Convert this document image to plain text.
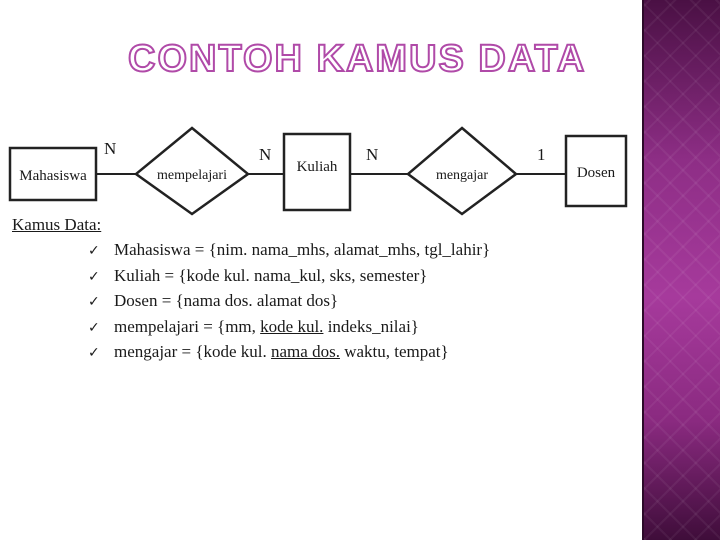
CONTOH KAMUS DATA
Mahasiswa	mempelajari
Kuliah
mengajar	Dosen
N	N	N	1
Kamus Data:
✓ Mahasiswa = {nim. nama_mhs, alamat_mhs, tgl_lahir}
✓ Kuliah = {kode kul. nama_kul, sks, semester}
✓ Dosen = {nama dos. alamat dos}
✓ mempelajari = {mm, kode kul. indeks_nilai}
✓ mengajar = {kode kul. nama dos. waktu, tempat}
